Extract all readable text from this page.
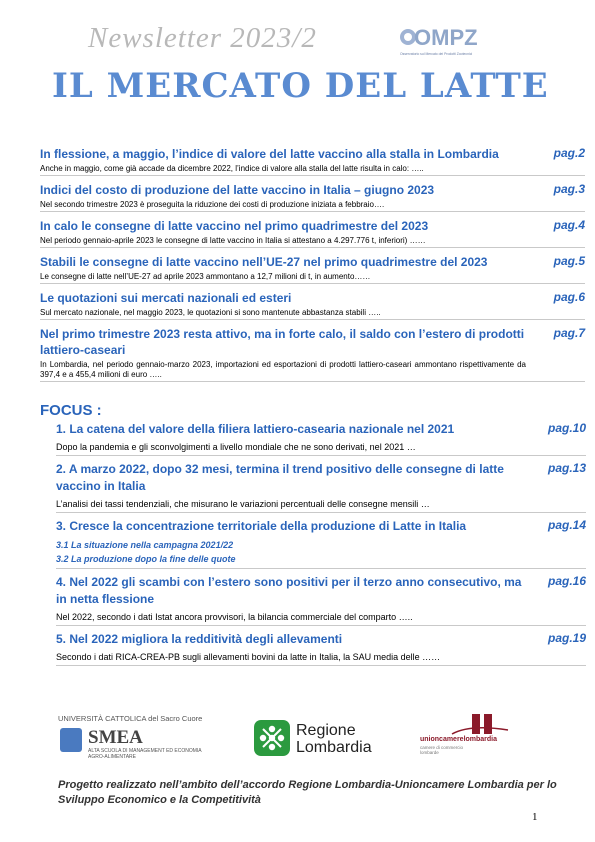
Newsletter 2023/2	OMPZ
Osservatorio sul Mercato dei Prodotti Zootecnici
IL MERCATO DEL LATTE
In flessione, a maggio, l’indice di valore del latte vaccino alla stalla in Lombardia
Anche in maggio, come già accade da dicembre 2022, l’indice di valore alla stalla del latte risulta in calo: …..
pag.2
Indici del costo di produzione del latte vaccino in Italia – giugno 2023
Nel secondo trimestre 2023 è proseguita la riduzione dei costi di produzione iniziata a febbraio….
pag.3
In calo le consegne di latte vaccino nel primo quadrimestre del 2023
Nel periodo gennaio-aprile 2023 le consegne di latte vaccino in Italia si attestano a 4.297.776 t, inferiori) ……
pag.4
Stabili le consegne di latte vaccino nell’UE-27 nel primo quadrimestre del 2023
Le consegne di latte nell’UE-27 ad aprile 2023 ammontano a 12,7 milioni di t, in aumento……
pag.5
Le quotazioni sui mercati nazionali ed esteri
Sul mercato nazionale, nel maggio 2023, le quotazioni si sono mantenute abbastanza stabili …..
pag.6
Nel primo trimestre 2023 resta attivo, ma in forte calo, il saldo con l’estero di prodotti lattiero-caseari
In Lombardia, nel periodo gennaio-marzo 2023, importazioni ed esportazioni di prodotti lattiero-caseari ammontano rispettivamente da 397,4 e a 455,4 milioni di euro …..
pag.7
FOCUS :
1. La catena del valore della filiera lattiero-casearia nazionale nel 2021
Dopo la pandemia e gli sconvolgimenti a livello mondiale che ne sono derivati, nel 2021 …
pag.10
2. A marzo 2022, dopo 32 mesi, termina il trend positivo delle consegne di latte vaccino in Italia
L’analisi dei tassi tendenziali, che misurano le variazioni percentuali delle consegne mensili …
pag.13
3. Cresce la concentrazione territoriale della produzione di Latte in Italia
3.1 La situazione nella campagna 2021/22
3.2 La produzione dopo la fine delle quote
pag.14
4. Nel 2022 gli scambi con l’estero sono positivi per il terzo anno consecutivo, ma in netta flessione
Nel 2022, secondo i dati Istat ancora provvisori, la bilancia commerciale del comparto …..
pag.16
5. Nel 2022 migliora la redditività degli allevamenti
Secondo i dati RICA-CREA-PB sugli allevamenti bovini da latte in Italia, la SAU media delle ……
pag.19
UNIVERSITÀ CATTOLICA del Sacro Cuore
SMEA
ALTA SCUOLA DI MANAGEMENT ED ECONOMIA AGRO-ALIMENTARE
Regione Lombardia	unioncamerelombardia
camere di commercio lombarde
Progetto realizzato nell’ambito dell’accordo Regione Lombardia-Unioncamere Lombardia per lo Sviluppo Economico e la Competitività
1
